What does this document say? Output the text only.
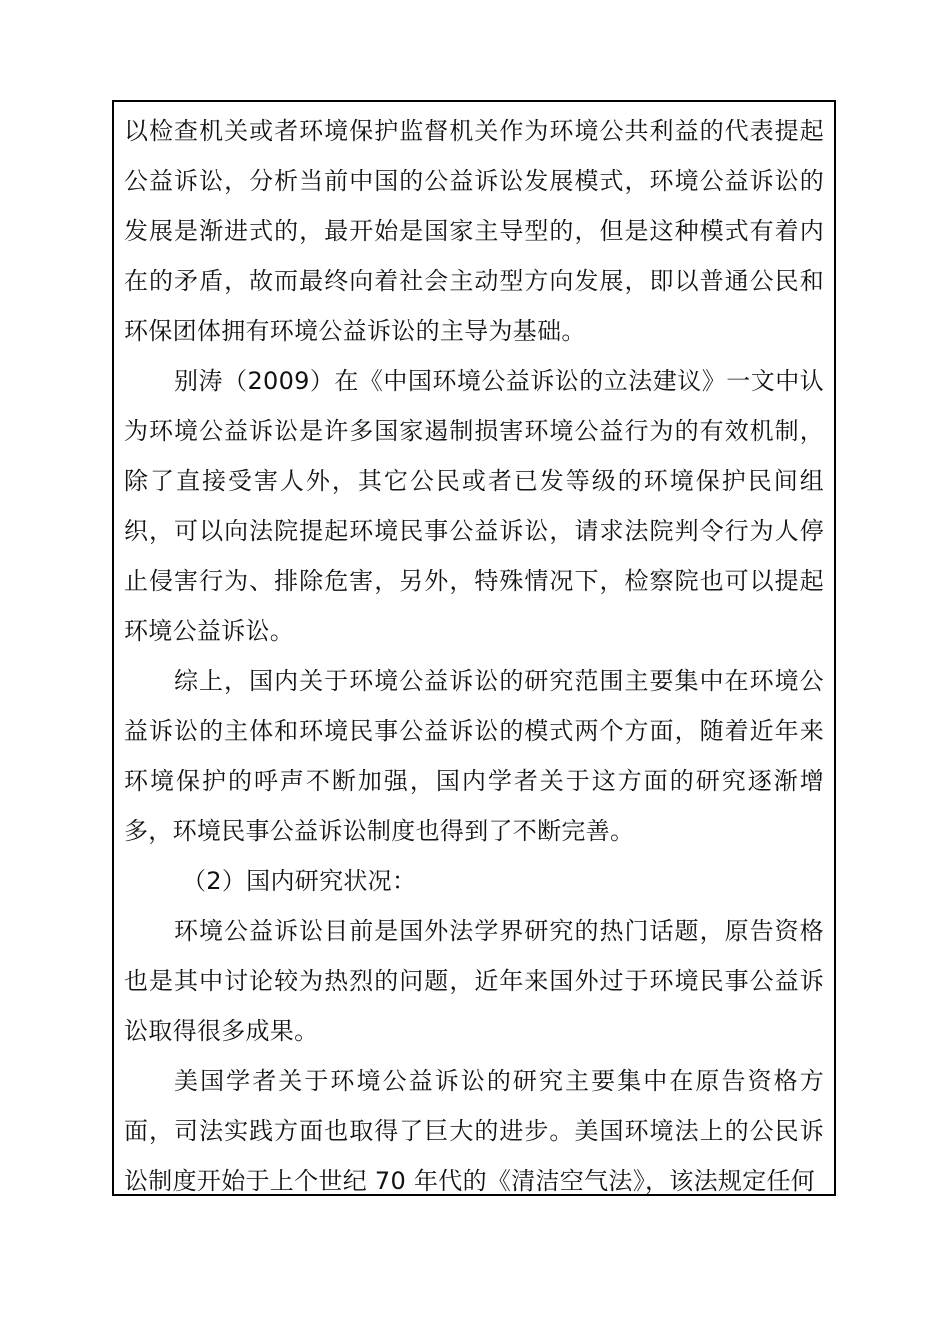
以检查机关或者环境保护监督机关作为环境公共利益的代表提起公益诉讼，分析当前中国的公益诉讼发展模式，环境公益诉讼的发展是渐进式的，最开始是国家主导型的，但是这种模式有着内在的矛盾，故而最终向着社会主动型方向发展，即以普通公民和环保团体拥有环境公益诉讼的主导为基础。

别涛（2009）在《中国环境公益诉讼的立法建议》一文中认为环境公益诉讼是许多国家遏制损害环境公益行为的有效机制，除了直接受害人外，其它公民或者已发等级的环境保护民间组织，可以向法院提起环境民事公益诉讼，请求法院判令行为人停止侵害行为、排除危害，另外，特殊情况下，检察院也可以提起环境公益诉讼。

综上，国内关于环境公益诉讼的研究范围主要集中在环境公益诉讼的主体和环境民事公益诉讼的模式两个方面，随着近年来环境保护的呼声不断加强，国内学者关于这方面的研究逐渐增多，环境民事公益诉讼制度也得到了不断完善。

（2）国内研究状况：

环境公益诉讼目前是国外法学界研究的热门话题，原告资格也是其中讨论较为热烈的问题，近年来国外过于环境民事公益诉讼取得很多成果。

美国学者关于环境公益诉讼的研究主要集中在原告资格方面，司法实践方面也取得了巨大的进步。美国环境法上的公民诉讼制度开始于上个世纪 70 年代的《清洁空气法》，该法规定任何
